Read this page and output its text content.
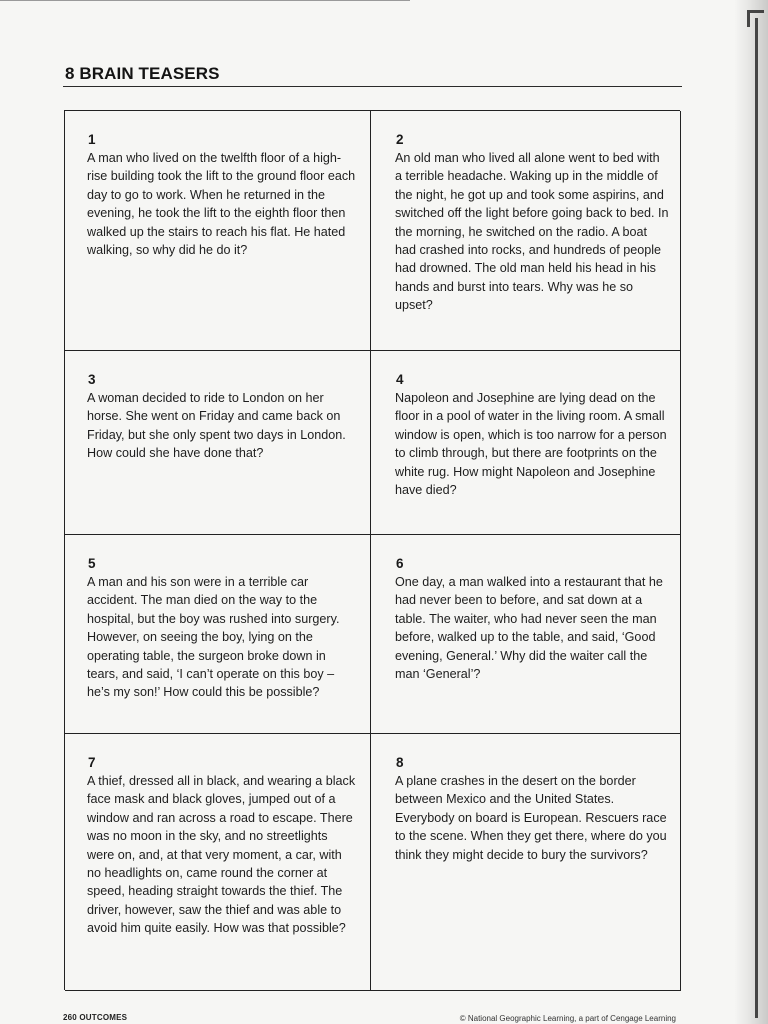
8 BRAIN TEASERS
1

A man who lived on the twelfth floor of a high-rise building took the lift to the ground floor each day to go to work. When he returned in the evening, he took the lift to the eighth floor then walked up the stairs to reach his flat. He hated walking, so why did he do it?

2

An old man who lived all alone went to bed with a terrible headache. Waking up in the middle of the night, he got up and took some aspirins, and switched off the light before going back to bed. In the morning, he switched on the radio. A boat had crashed into rocks, and hundreds of people had drowned. The old man held his head in his hands and burst into tears. Why was he so upset?

3

A woman decided to ride to London on her horse. She went on Friday and came back on Friday, but she only spent two days in London. How could she have done that?

4

Napoleon and Josephine are lying dead on the floor in a pool of water in the living room. A small window is open, which is too narrow for a person to climb through, but there are footprints on the white rug. How might Napoleon and Josephine have died?

5

A man and his son were in a terrible car accident. The man died on the way to the hospital, but the boy was rushed into surgery. However, on seeing the boy, lying on the operating table, the surgeon broke down in tears, and said, ‘I can’t operate on this boy – he’s my son!’ How could this be possible?

6

One day, a man walked into a restaurant that he had never been to before, and sat down at a table. The waiter, who had never seen the man before, walked up to the table, and said, ‘Good evening, General.’ Why did the waiter call the man ‘General’?

7

A thief, dressed all in black, and wearing a black face mask and black gloves, jumped out of a window and ran across a road to escape. There was no moon in the sky, and no streetlights were on, and, at that very moment, a car, with no headlights on, came round the corner at speed, heading straight towards the thief. The driver, however, saw the thief and was able to avoid him quite easily. How was that possible?

8

A plane crashes in the desert on the border between Mexico and the United States. Everybody on board is European. Rescuers race to the scene. When they get there, where do you think they might decide to bury the survivors?

260 OUTCOMES	© National Geographic Learning, a part of Cengage Learning
